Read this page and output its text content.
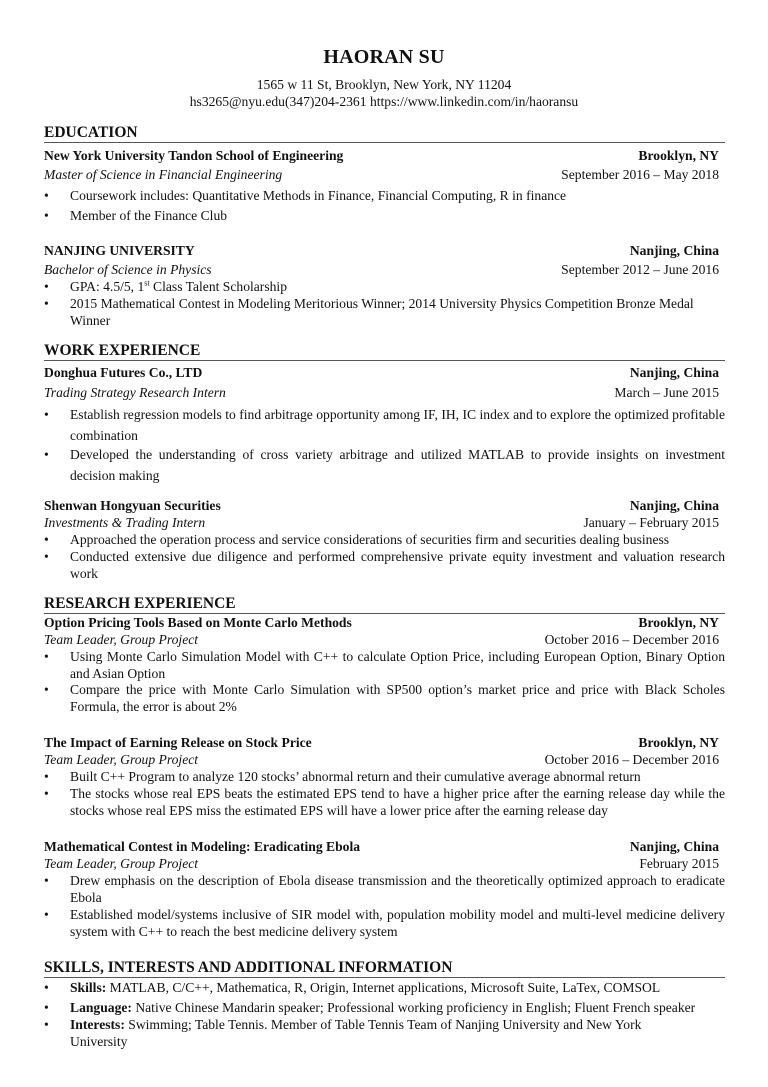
HAORAN SU
1565 w 11 St, Brooklyn, New York, NY 11204
hs3265@nyu.edu(347)204-2361 https://www.linkedin.com/in/haoransu
EDUCATION
New York University Tandon School of Engineering	Brooklyn, NY
Master of Science in Financial Engineering	September 2016 – May 2018
• Coursework includes: Quantitative Methods in Finance, Financial Computing, R in finance
• Member of the Finance Club
NANJING UNIVERSITY	Nanjing, China
Bachelor of Science in Physics	September 2012 – June 2016
• GPA: 4.5/5, 1st Class Talent Scholarship
• 2015 Mathematical Contest in Modeling Meritorious Winner; 2014 University Physics Competition Bronze Medal Winner
WORK EXPERIENCE
Donghua Futures Co., LTD	Nanjing, China
Trading Strategy Research Intern	March – June 2015
• Establish regression models to find arbitrage opportunity among IF, IH, IC index and to explore the optimized profitable combination
• Developed the understanding of cross variety arbitrage and utilized MATLAB to provide insights on investment decision making
Shenwan Hongyuan Securities	Nanjing, China
Investments & Trading Intern	January – February 2015
• Approached the operation process and service considerations of securities firm and securities dealing business
• Conducted extensive due diligence and performed comprehensive private equity investment and valuation research work
RESEARCH EXPERIENCE
Option Pricing Tools Based on Monte Carlo Methods	Brooklyn, NY
Team Leader, Group Project	October 2016 – December 2016
• Using Monte Carlo Simulation Model with C++ to calculate Option Price, including European Option, Binary Option and Asian Option
• Compare the price with Monte Carlo Simulation with SP500 option’s market price and price with Black Scholes Formula, the error is about 2%
The Impact of Earning Release on Stock Price	Brooklyn, NY
Team Leader, Group Project	October 2016 – December 2016
• Built C++ Program to analyze 120 stocks’ abnormal return and their cumulative average abnormal return
• The stocks whose real EPS beats the estimated EPS tend to have a higher price after the earning release day while the stocks whose real EPS miss the estimated EPS will have a lower price after the earning release day
Mathematical Contest in Modeling: Eradicating Ebola	Nanjing, China
Team Leader, Group Project	February 2015
• Drew emphasis on the description of Ebola disease transmission and the theoretically optimized approach to eradicate Ebola
• Established model/systems inclusive of SIR model with, population mobility model and multi-level medicine delivery system with C++ to reach the best medicine delivery system
SKILLS, INTERESTS AND ADDITIONAL INFORMATION
• Skills: MATLAB, C/C++, Mathematica, R, Origin, Internet applications, Microsoft Suite, LaTex, COMSOL
• Language: Native Chinese Mandarin speaker; Professional working proficiency in English; Fluent French speaker
• Interests: Swimming; Table Tennis. Member of Table Tennis Team of Nanjing University and New York University
